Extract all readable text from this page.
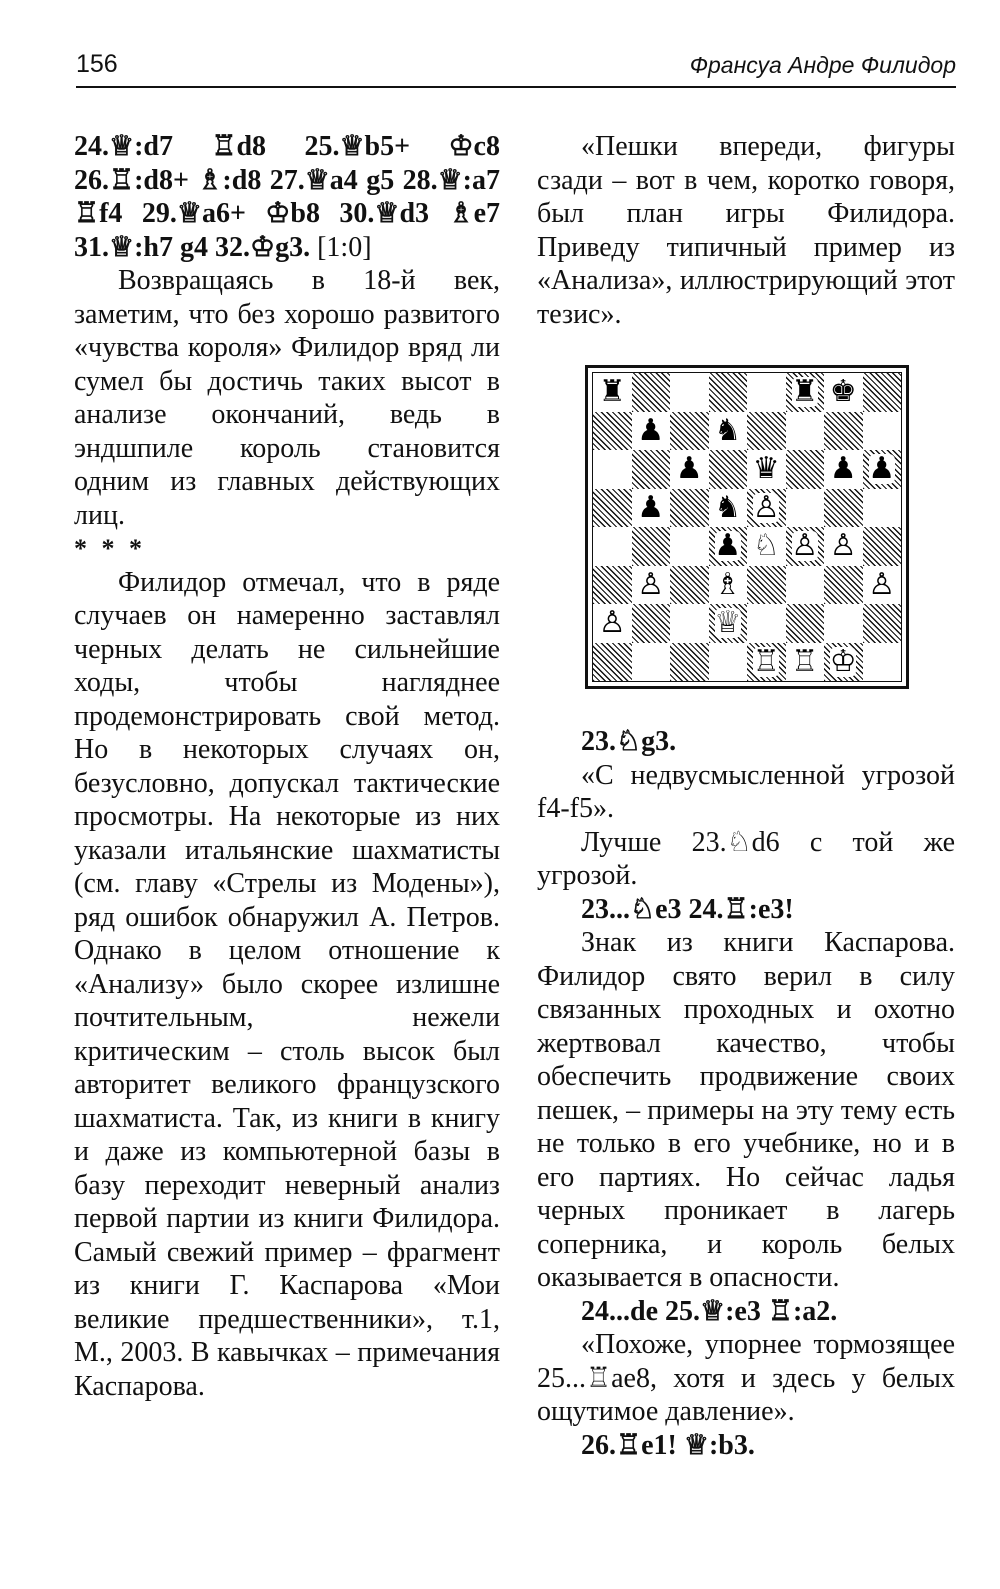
156	Франсуа Андре Филидор

24.♕:d7 ♖d8 25.♕b5+ ♔c8 26.♖:d8+ ♗:d8 27.♕a4 g5 28.♕:a7 ♖f4 29.♕a6+ ♔b8 30.♕d3 ♗e7 31.♕:h7 g4 32.♔g3. [1:0]

Возвращаясь в 18-й век, заметим, что без хорошо развитого «чувства короля» Филидор вряд ли сумел бы достичь таких высот в анализе окончаний, ведь в эндшпиле король становится одним из главных действующих лиц.

* * *

Филидор отмечал, что в ряде случаев он намеренно заставлял черных делать не сильнейшие ходы, чтобы нагляднее продемонстрировать свой метод. Но в некоторых случаях он, безусловно, допускал тактические просмотры. На некоторые из них указали итальянские шахматисты (см. главу «Стрелы из Модены»), ряд ошибок обнаружил А. Петров. Однако в целом отношение к «Анализу» было скорее излишне почтительным, нежели критическим – столь высок был авторитет великого французского шахматиста. Так, из книги в книгу и даже из компьютерной базы в базу переходит неверный анализ первой партии из книги Филидора. Самый свежий пример – фрагмент из книги Г. Каспарова «Мои великие предшественники», т.1, М., 2003. В кавычках – примечания Каспарова.

«Пешки впереди, фигуры сзади – вот в чем, коротко говоря, был план игры Филидора. Приведу типичный пример из «Анализа», иллюстрирующий этот тезис».

♜	♜ ♚
♟ ♞
♟ ♛ ♟ ♟
♟ ♞ ♙
♟ ♘ ♙ ♙
♙ ♗	♙
♙	♕
♖ ♖ ♔

23.♘g3.

«С недвусмысленной угрозой f4-f5».

Лучше 23.♘d6 с той же угрозой.

23...♘e3 24.♖:e3!

Знак из книги Каспарова. Филидор свято верил в силу связанных проходных и охотно жертвовал качество, чтобы обеспечить продвижение своих пешек, – примеры на эту тему есть не только в его учебнике, но и в его партиях. Но сейчас ладья черных проникает в лагерь соперника, и король белых оказывается в опасности.

24...de 25.♕:e3 ♖:a2.

«Похоже, упорнее тормозящее 25...♖ae8, хотя и здесь у белых ощутимое давление».

26.♖e1! ♕:b3.
